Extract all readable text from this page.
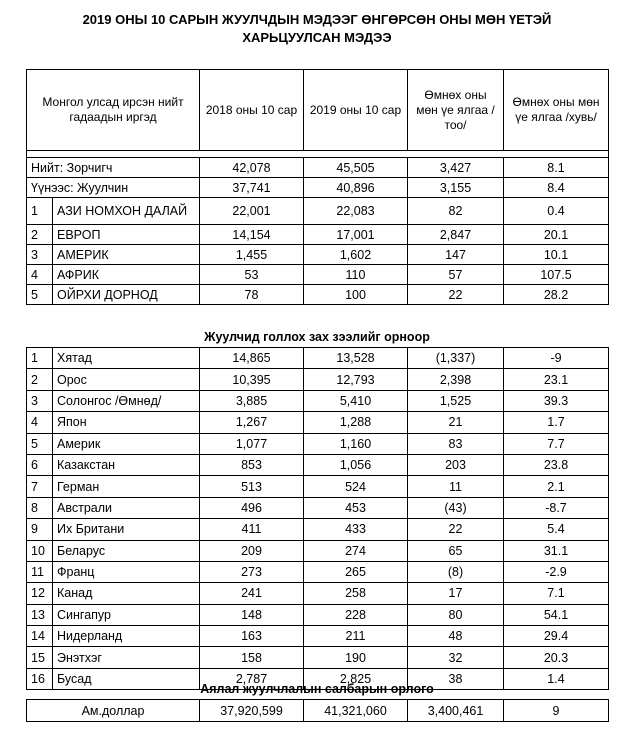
2019 ОНЫ 10 САРЫН ЖУУЛЧДЫН МЭДЭЭГ ӨНГӨРСӨН ОНЫ МӨН ҮЕТЭЙ
ХАРЬЦУУЛСАН МЭДЭЭ
Монгол улсад ирсэн нийт гадаадын иргэд		2018 оны 10 сар	2019 оны 10 сар	Өмнөх оны мөн үе ялгаа /тоо/	Өмнөх оны мөн үе ялгаа /хувь/

Нийт: Зорчигч		42,078	45,505	3,427	8.1
Үүнээс: Жуулчин		37,741	40,896	3,155	8.4
1	АЗИ НОМХОН ДАЛАЙ	22,001	22,083	82	0.4
2	ЕВРОП	14,154	17,001	2,847	20.1
3	АМЕРИК	1,455	1,602	147	10.1
4	АФРИК	53	110	57	107.5
5	ОЙРХИ ДОРНОД	78	100	22	28.2
Жуулчид голлох зах зээлийг орноор
1	Хятад	14,865	13,528	(1,337)	-9
2	Орос	10,395	12,793	2,398	23.1
3	Солонгос /Өмнөд/	3,885	5,410	1,525	39.3
4	Япон	1,267	1,288	21	1.7
5	Америк	1,077	1,160	83	7.7
6	Казакстан	853	1,056	203	23.8
7	Герман	513	524	11	2.1
8	Австрали	496	453	(43)	-8.7
9	Их Британи	411	433	22	5.4
10	Беларус	209	274	65	31.1
11	Франц	273	265	(8)	-2.9
12	Канад	241	258	17	7.1
13	Сингапур	148	228	80	54.1
14	Нидерланд	163	211	48	29.4
15	Энэтхэг	158	190	32	20.3
16	Бусад	2,787	2,825	38	1.4
Аялал жуулчлалын салбарын орлого
Ам.доллар	37,920,599	41,321,060	3,400,461	9
